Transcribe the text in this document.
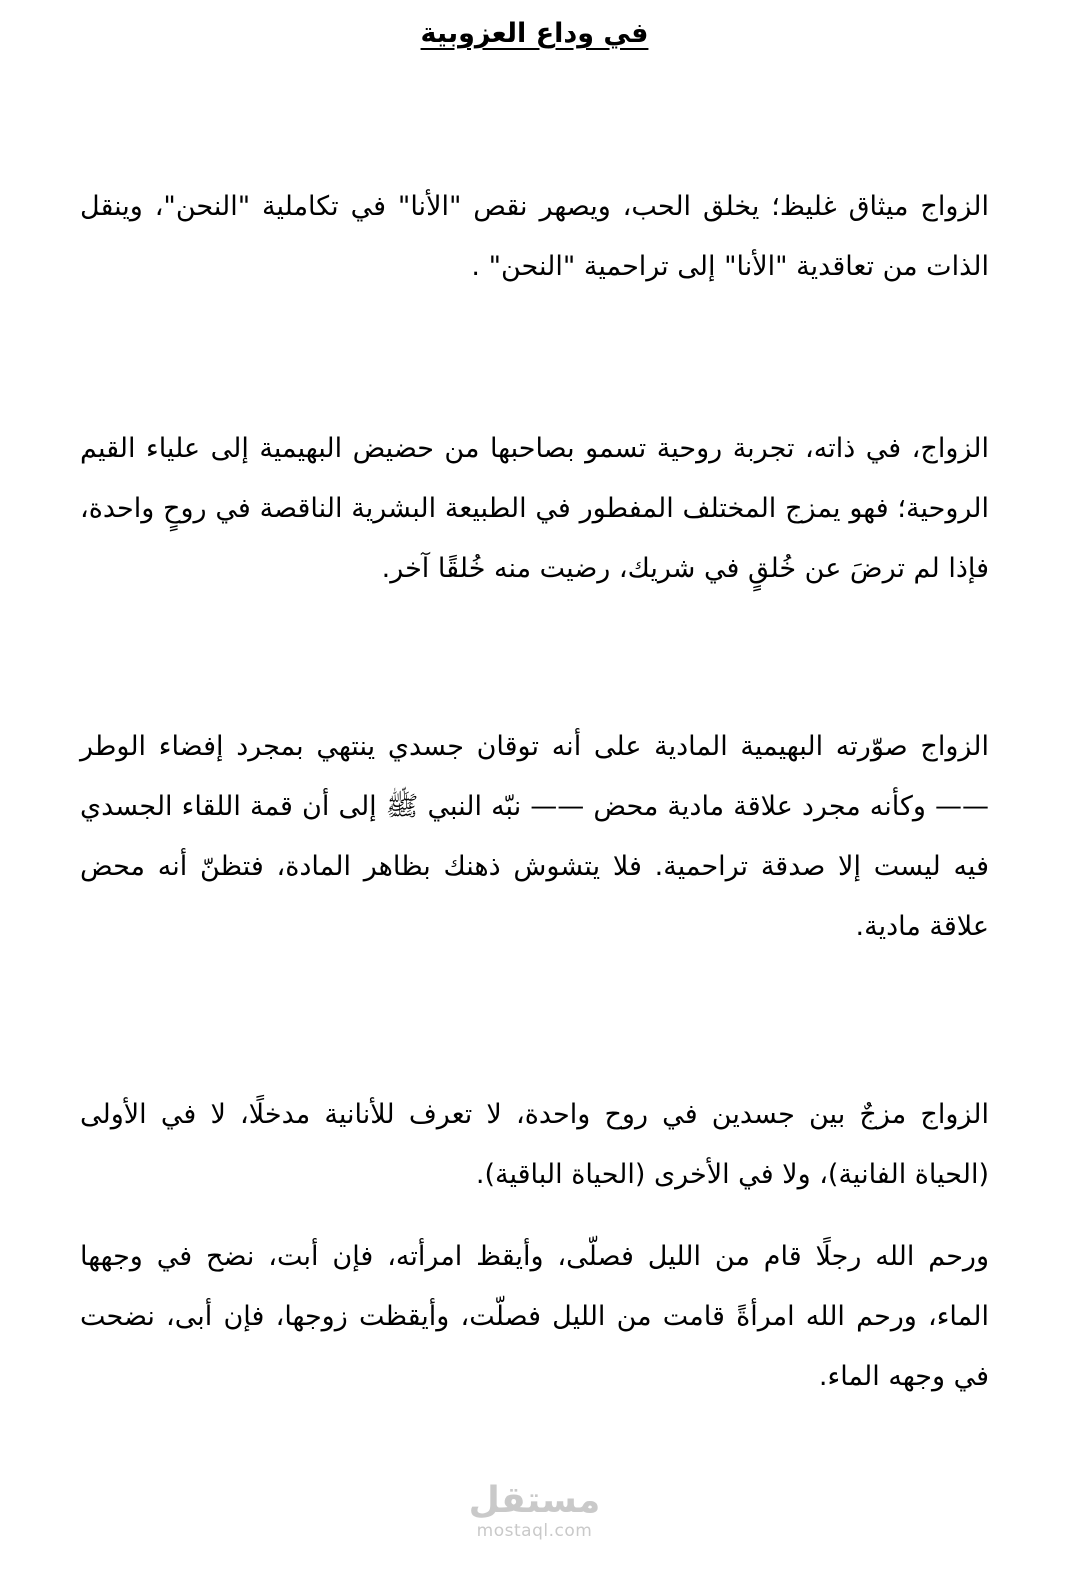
في وداع العزوبية

الزواج ميثاق غليظ؛ يخلق الحب، ويصهر نقص "الأنا" في تكاملية "النحن"، وينقل الذات من تعاقدية "الأنا" إلى تراحمية "النحن" .

الزواج، في ذاته، تجربة روحية تسمو بصاحبها من حضيض البهيمية إلى علياء القيم الروحية؛ فهو يمزج المختلف المفطور في الطبيعة البشرية الناقصة في روحٍ واحدة، فإذا لم ترضَ عن خُلقٍ في شريك، رضيت منه خُلقًا آخر.

الزواج صوّرته البهيمية المادية على أنه توقان جسدي ينتهي بمجرد إفضاء الوطر —— وكأنه مجرد علاقة مادية محض —— نبّه النبي ﷺ إلى أن قمة اللقاء الجسدي فيه ليست إلا صدقة تراحمية. فلا يتشوش ذهنك بظاهر المادة، فتظنّ أنه محض علاقة مادية.

الزواج مزجٌ بين جسدين في روح واحدة، لا تعرف للأنانية مدخلًا، لا في الأولى (الحياة الفانية)، ولا في الأخرى (الحياة الباقية).

ورحم الله رجلًا قام من الليل فصلّى، وأيقظ امرأته، فإن أبت، نضح في وجهها الماء، ورحم الله امرأةً قامت من الليل فصلّت، وأيقظت زوجها، فإن أبى، نضحت في وجهه الماء.

مستقل
mostaql.com
